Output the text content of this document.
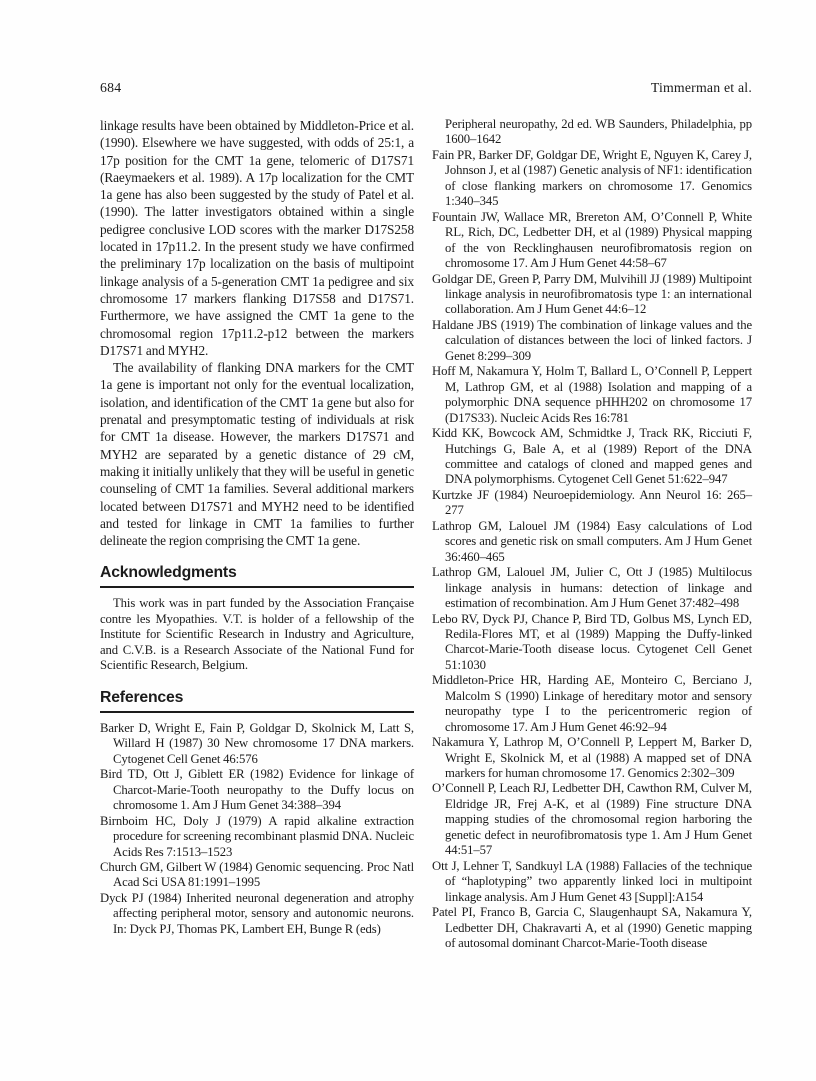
684	Timmerman et al.

linkage results have been obtained by Middleton-Price et al. (1990). Elsewhere we have suggested, with odds of 25:1, a 17p position for the CMT 1a gene, telomeric of D17S71 (Raeymaekers et al. 1989). A 17p localization for the CMT 1a gene has also been suggested by the study of Patel et al. (1990). The latter investigators obtained within a single pedigree conclusive LOD scores with the marker D17S258 located in 17p11.2. In the present study we have confirmed the preliminary 17p localization on the basis of multipoint linkage analysis of a 5-generation CMT 1a pedigree and six chromosome 17 markers flanking D17S58 and D17S71. Furthermore, we have assigned the CMT 1a gene to the chromosomal region 17p11.2-p12 between the markers D17S71 and MYH2.

The availability of flanking DNA markers for the CMT 1a gene is important not only for the eventual localization, isolation, and identification of the CMT 1a gene but also for prenatal and presymptomatic testing of individuals at risk for CMT 1a disease. However, the markers D17S71 and MYH2 are separated by a genetic distance of 29 cM, making it initially unlikely that they will be useful in genetic counseling of CMT 1a families. Several additional markers located between D17S71 and MYH2 need to be identified and tested for linkage in CMT 1a families to further delineate the region comprising the CMT 1a gene.

Acknowledgments

This work was in part funded by the Association Française contre les Myopathies. V.T. is holder of a fellowship of the Institute for Scientific Research in Industry and Agriculture, and C.V.B. is a Research Associate of the National Fund for Scientific Research, Belgium.

References

Barker D, Wright E, Fain P, Goldgar D, Skolnick M, Latt S, Willard H (1987) 30 New chromosome 17 DNA markers. Cytogenet Cell Genet 46:576

Bird TD, Ott J, Giblett ER (1982) Evidence for linkage of Charcot-Marie-Tooth neuropathy to the Duffy locus on chromosome 1. Am J Hum Genet 34:388–394

Birnboim HC, Doly J (1979) A rapid alkaline extraction procedure for screening recombinant plasmid DNA. Nucleic Acids Res 7:1513–1523

Church GM, Gilbert W (1984) Genomic sequencing. Proc Natl Acad Sci USA 81:1991–1995

Dyck PJ (1984) Inherited neuronal degeneration and atrophy affecting peripheral motor, sensory and autonomic neurons. In: Dyck PJ, Thomas PK, Lambert EH, Bunge R (eds)

Peripheral neuropathy, 2d ed. WB Saunders, Philadelphia, pp 1600–1642

Fain PR, Barker DF, Goldgar DE, Wright E, Nguyen K, Carey J, Johnson J, et al (1987) Genetic analysis of NF1: identification of close flanking markers on chromosome 17. Genomics 1:340–345

Fountain JW, Wallace MR, Brereton AM, O’Connell P, White RL, Rich, DC, Ledbetter DH, et al (1989) Physical mapping of the von Recklinghausen neurofibromatosis region on chromosome 17. Am J Hum Genet 44:58–67

Goldgar DE, Green P, Parry DM, Mulvihill JJ (1989) Multipoint linkage analysis in neurofibromatosis type 1: an international collaboration. Am J Hum Genet 44:6–12

Haldane JBS (1919) The combination of linkage values and the calculation of distances between the loci of linked factors. J Genet 8:299–309

Hoff M, Nakamura Y, Holm T, Ballard L, O’Connell P, Leppert M, Lathrop GM, et al (1988) Isolation and mapping of a polymorphic DNA sequence pHHH202 on chromosome 17 (D17S33). Nucleic Acids Res 16:781

Kidd KK, Bowcock AM, Schmidtke J, Track RK, Ricciuti F, Hutchings G, Bale A, et al (1989) Report of the DNA committee and catalogs of cloned and mapped genes and DNA polymorphisms. Cytogenet Cell Genet 51:622–947

Kurtzke JF (1984) Neuroepidemiology. Ann Neurol 16: 265–277

Lathrop GM, Lalouel JM (1984) Easy calculations of Lod scores and genetic risk on small computers. Am J Hum Genet 36:460–465

Lathrop GM, Lalouel JM, Julier C, Ott J (1985) Multilocus linkage analysis in humans: detection of linkage and estimation of recombination. Am J Hum Genet 37:482–498

Lebo RV, Dyck PJ, Chance P, Bird TD, Golbus MS, Lynch ED, Redila-Flores MT, et al (1989) Mapping the Duffy-linked Charcot-Marie-Tooth disease locus. Cytogenet Cell Genet 51:1030

Middleton-Price HR, Harding AE, Monteiro C, Berciano J, Malcolm S (1990) Linkage of hereditary motor and sensory neuropathy type I to the pericentromeric region of chromosome 17. Am J Hum Genet 46:92–94

Nakamura Y, Lathrop M, O’Connell P, Leppert M, Barker D, Wright E, Skolnick M, et al (1988) A mapped set of DNA markers for human chromosome 17. Genomics 2:302–309

O’Connell P, Leach RJ, Ledbetter DH, Cawthon RM, Culver M, Eldridge JR, Frej A-K, et al (1989) Fine structure DNA mapping studies of the chromosomal region harboring the genetic defect in neurofibromatosis type 1. Am J Hum Genet 44:51–57

Ott J, Lehner T, Sandkuyl LA (1988) Fallacies of the technique of “haplotyping” two apparently linked loci in multipoint linkage analysis. Am J Hum Genet 43 [Suppl]:A154

Patel PI, Franco B, Garcia C, Slaugenhaupt SA, Nakamura Y, Ledbetter DH, Chakravarti A, et al (1990) Genetic mapping of autosomal dominant Charcot-Marie-Tooth disease
